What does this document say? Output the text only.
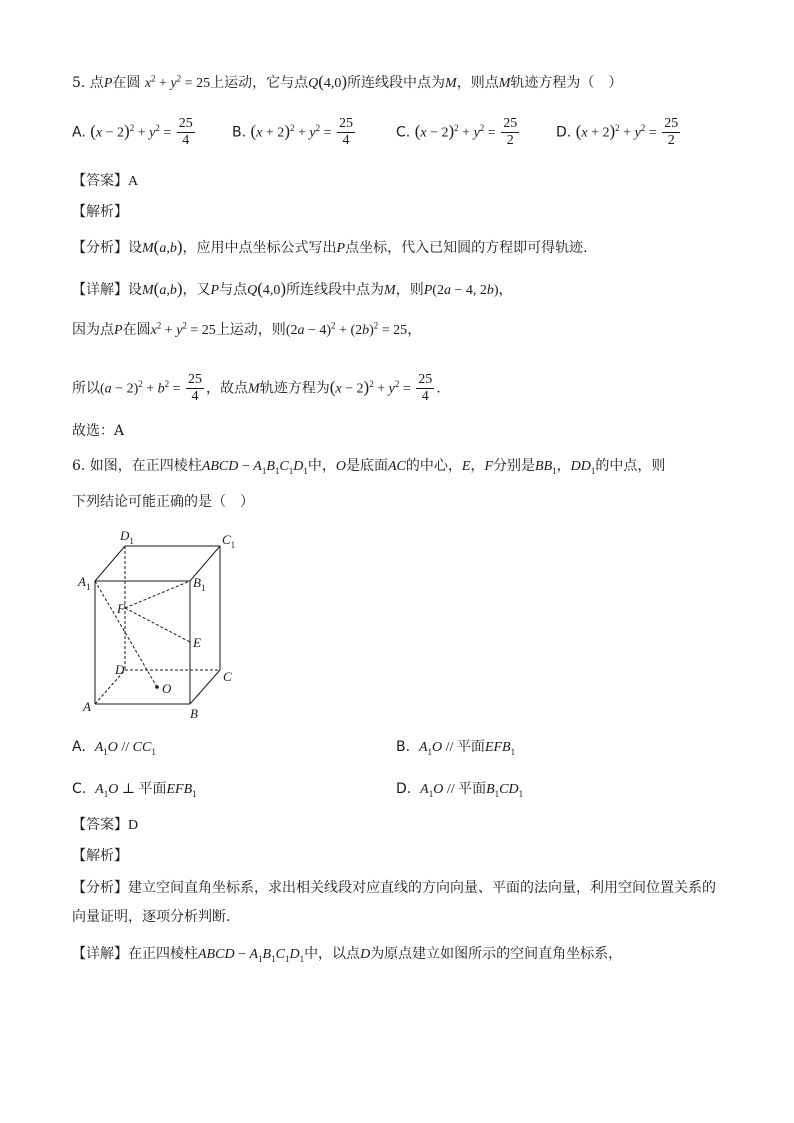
5. 点P在圆 $x^2 + y^2 = 25$上运动，它与点Q(4,0)所连线段中点为M，则点M轨迹方程为（　）
A. $(x - 2)^2 + y^2 = \frac{25}{4}$	B. $(x + 2)^2 + y^2 = \frac{25}{4}$	C. $(x - 2)^2 + y^2 = \frac{25}{2}$	D. $(x + 2)^2 + y^2 = \frac{25}{2}$
【答案】A
【解析】
【分析】设M(a,b)，应用中点坐标公式写出P点坐标，代入已知圆的方程即可得轨迹.
【详解】设M(a,b)，又P与点Q(4,0)所连线段中点为M，则P(2a − 4, 2b)，
因为点P在圆$x^2 + y^2 = 25$上运动，则$(2a - 4)^2 + (2b)^2 = 25$，
所以$(a - 2)^2 + b^2 = \frac{25}{4}$ ，故点M轨迹方程为$(x - 2)^2 + y^2 = \frac{25}{4}$ .
故选：A
6. 如图，在正四棱柱ABCD − $A_1B_1C_1D_1$中，O是底面AC的中心，E，F分别是$BB_1$，$DD_1$的中点，则
下列结论可能正确的是（　）
$D_1$	$C_1$
$A_1$	$B_1$
F
E
D	C
O
A	B
A. $A_1O // CC_1$	B. $A_1O$ // 平面$EFB_1$
C. $A_1O$ ⊥ 平面$EFB_1$	D. $A_1O$ // 平面$B_1CD_1$
【答案】D
【解析】
【分析】建立空间直角坐标系，求出相关线段对应直线的方向向量、平面的法向量，利用空间位置关系的
向量证明，逐项分析判断.
【详解】在正四棱柱ABCD − $A_1B_1C_1D_1$中，以点D为原点建立如图所示的空间直角坐标系，
